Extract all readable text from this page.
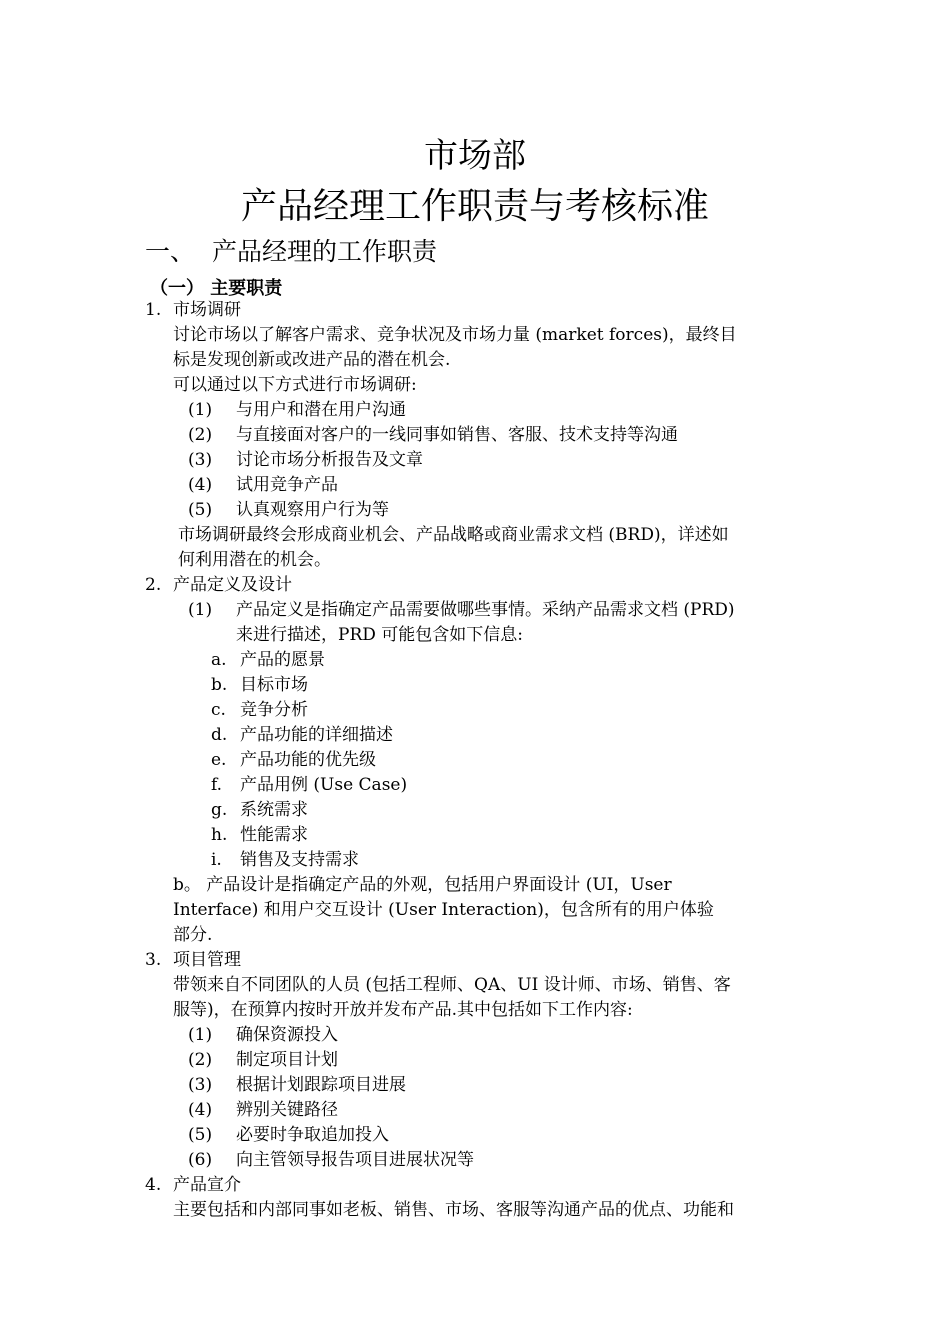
市场部
产品经理工作职责与考核标准
一、 产品经理的工作职责
（一） 主要职责
1. 市场调研
讨论市场以了解客户需求、竞争状况及市场力量 (market forces)，最终目
标是发现创新或改进产品的潜在机会.
可以通过以下方式进行市场调研:
(1) 与用户和潜在用户沟通
(2) 与直接面对客户的一线同事如销售、客服、技术支持等沟通
(3) 讨论市场分析报告及文章
(4) 试用竞争产品
(5) 认真观察用户行为等
市场调研最终会形成商业机会、产品战略或商业需求文档 (BRD)，详述如
何利用潜在的机会。
2. 产品定义及设计
(1) 产品定义是指确定产品需要做哪些事情。采纳产品需求文档 (PRD)
来进行描述，PRD 可能包含如下信息:
a. 产品的愿景
b. 目标市场
c. 竞争分析
d. 产品功能的详细描述
e. 产品功能的优先级
f. 产品用例 (Use Case)
g. 系统需求
h. 性能需求
i. 销售及支持需求
b。 产品设计是指确定产品的外观，包括用户界面设计 (UI，User
Interface) 和用户交互设计 (User Interaction)，包含所有的用户体验
部分.
3. 项目管理
带领来自不同团队的人员 (包括工程师、QA、UI 设计师、市场、销售、客
服等)，在预算内按时开放并发布产品.其中包括如下工作内容:
(1) 确保资源投入
(2) 制定项目计划
(3) 根据计划跟踪项目进展
(4) 辨别关键路径
(5) 必要时争取追加投入
(6) 向主管领导报告项目进展状况等
4. 产品宣介
主要包括和内部同事如老板、销售、市场、客服等沟通产品的优点、功能和
